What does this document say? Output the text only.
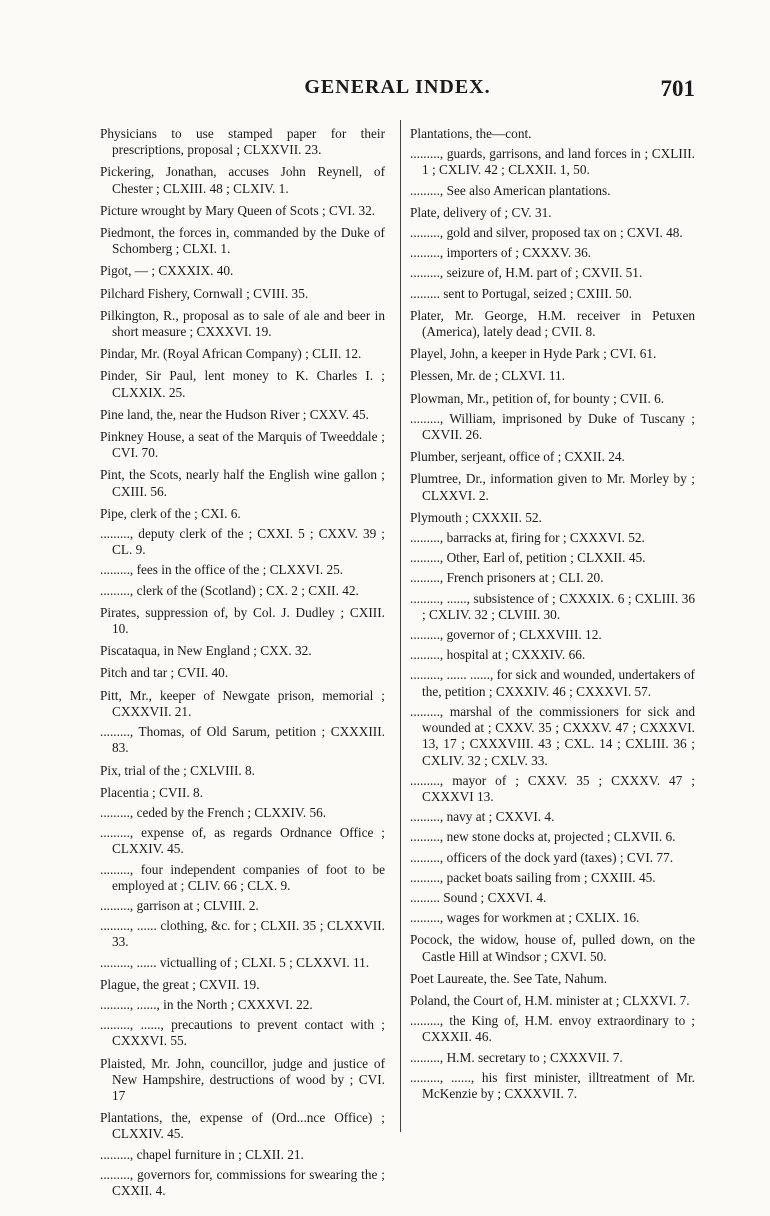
GENERAL INDEX.	701
Physicians to use stamped paper for their prescriptions, proposal ; CLXXVII. 23.
Pickering, Jonathan, accuses John Reynell, of Chester ; CLXIII. 48 ; CLXIV. 1.
Picture wrought by Mary Queen of Scots ; CVI. 32.
Piedmont, the forces in, commanded by the Duke of Schomberg ; CLXI. 1.
Pigot, — ; CXXXIX. 40.
Pilchard Fishery, Cornwall ; CVIII. 35.
Pilkington, R., proposal as to sale of ale and beer in short measure ; CXXXVI. 19.
Pindar, Mr. (Royal African Company) ; CLII. 12.
Pinder, Sir Paul, lent money to K. Charles I. ; CLXXIX. 25.
Pine land, the, near the Hudson River ; CXXV. 45.
Pinkney House, a seat of the Marquis of Tweeddale ; CVI. 70.
Pint, the Scots, nearly half the English wine gallon ; CXIII. 56.
Pipe, clerk of the ; CXI. 6.
........., deputy clerk of the ; CXXI. 5 ; CXXV. 39 ; CL. 9.
........., fees in the office of the ; CLXXVI. 25.
........., clerk of the (Scotland) ; CX. 2 ; CXII. 42.
Pirates, suppression of, by Col. J. Dudley ; CXIII. 10.
Piscataqua, in New England ; CXX. 32.
Pitch and tar ; CVII. 40.
Pitt, Mr., keeper of Newgate prison, memorial ; CXXXVII. 21.
........., Thomas, of Old Sarum, petition ; CXXXIII. 83.
Pix, trial of the ; CXLVIII. 8.
Placentia ; CVII. 8.
........., ceded by the French ; CLXXIV. 56.
........., expense of, as regards Ordnance Office ; CLXXIV. 45.
........., four independent companies of foot to be employed at ; CLIV. 66 ; CLX. 9.
........., garrison at ; CLVIII. 2.
........., ...... clothing, &c. for ; CLXII. 35 ; CLXXVII. 33.
........., ...... victualling of ; CLXI. 5 ; CLXXVI. 11.
Plague, the great ; CXVII. 19.
........., ......, in the North ; CXXXVI. 22.
........., ......, precautions to prevent contact with ; CXXXVI. 55.
Plaisted, Mr. John, councillor, judge and justice of New Hampshire, destructions of wood by ; CVI. 17
Plantations, the, expense of (Ord...nce Office) ; CLXXIV. 45.
........., chapel furniture in ; CLXII. 21.
........., governors for, commissions for swearing the ; CXXII. 4.
Plantations, the—cont.
........., guards, garrisons, and land forces in ; CXLIII. 1 ; CXLIV. 42 ; CLXXII. 1, 50.
........., See also American plantations.
Plate, delivery of ; CV. 31.
........., gold and silver, proposed tax on ; CXVI. 48.
........., importers of ; CXXXV. 36.
........., seizure of, H.M. part of ; CXVII. 51.
......... sent to Portugal, seized ; CXIII. 50.
Plater, Mr. George, H.M. receiver in Petuxen (America), lately dead ; CVII. 8.
Playel, John, a keeper in Hyde Park ; CVI. 61.
Plessen, Mr. de ; CLXVI. 11.
Plowman, Mr., petition of, for bounty ; CVII. 6.
........., William, imprisoned by Duke of Tuscany ; CXVII. 26.
Plumber, serjeant, office of ; CXXII. 24.
Plumtree, Dr., information given to Mr. Morley by ; CLXXVI. 2.
Plymouth ; CXXXII. 52.
........., barracks at, firing for ; CXXXVI. 52.
........., Other, Earl of, petition ; CLXXII. 45.
........., French prisoners at ; CLI. 20.
........., ......, subsistence of ; CXXXIX. 6 ; CXLIII. 36 ; CXLIV. 32 ; CLVIII. 30.
........., governor of ; CLXXVIII. 12.
........., hospital at ; CXXXIV. 66.
........., ...... ......, for sick and wounded, undertakers of the, petition ; CXXXIV. 46 ; CXXXVI. 57.
........., marshal of the commissioners for sick and wounded at ; CXXV. 35 ; CXXXV. 47 ; CXXXVI. 13, 17 ; CXXXVIII. 43 ; CXL. 14 ; CXLIII. 36 ; CXLIV. 32 ; CXLV. 33.
........., mayor of ; CXXV. 35 ; CXXXV. 47 ; CXXXVI 13.
........., navy at ; CXXVI. 4.
........., new stone docks at, projected ; CLXVII. 6.
........., officers of the dock yard (taxes) ; CVI. 77.
........., packet boats sailing from ; CXXIII. 45.
......... Sound ; CXXVI. 4.
........., wages for workmen at ; CXLIX. 16.
Pocock, the widow, house of, pulled down, on the Castle Hill at Windsor ; CXVI. 50.
Poet Laureate, the. See Tate, Nahum.
Poland, the Court of, H.M. minister at ; CLXXVI. 7.
........., the King of, H.M. envoy extraordinary to ; CXXXII. 46.
........., H.M. secretary to ; CXXXVII. 7.
........., ......, his first minister, illtreatment of Mr. McKenzie by ; CXXXVII. 7.
